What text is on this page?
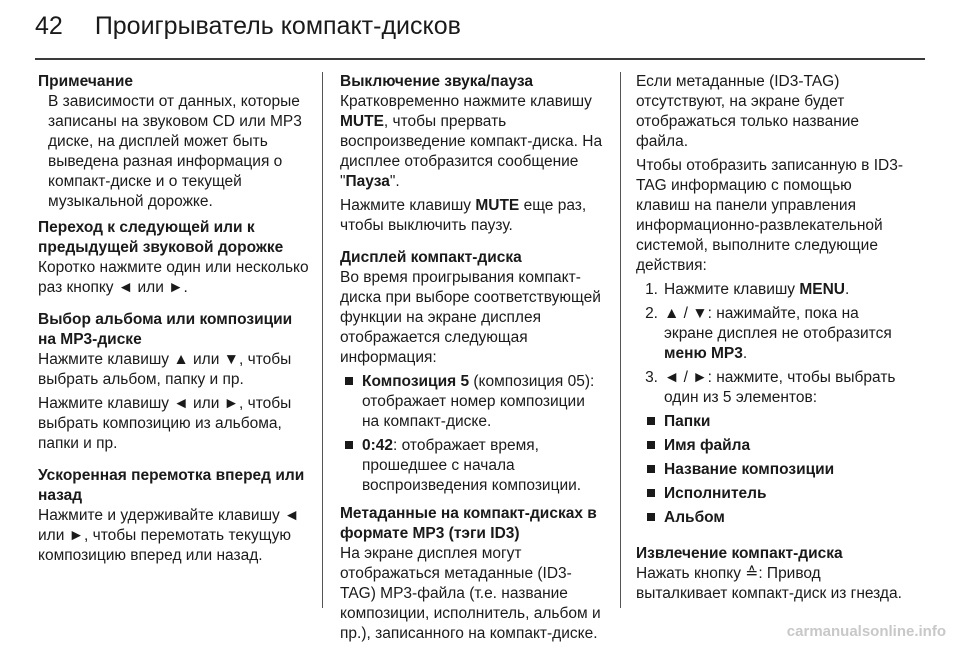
42 Проигрыватель компакт-дисков
Примечание
В зависимости от данных, которые записаны на звуковом CD или MP3 диске, на дисплей может быть выведена разная информация о компакт-диске и о текущей музыкальной дорожке.
Переход к следующей или к предыдущей звуковой дорожке
Коротко нажмите один или несколько раз кнопку ◄ или ►.
Выбор альбома или композиции на MP3-диске
Нажмите клавишу ▲ или ▼, чтобы выбрать альбом, папку и пр.
Нажмите клавишу ◄ или ►, чтобы выбрать композицию из альбома, папки и пр.
Ускоренная перемотка вперед или назад
Нажмите и удерживайте клавишу ◄ или ►, чтобы перемотать текущую композицию вперед или назад.
Выключение звука/пауза
Кратковременно нажмите клавишу MUTE, чтобы прервать воспроизведение компакт-диска. На дисплее отобразится сообщение "Пауза".
Нажмите клавишу MUTE еще раз, чтобы выключить паузу.
Дисплей компакт-диска
Во время проигрывания компакт-диска при выборе соответствующей функции на экране дисплея отображается следующая информация:
Композиция 5 (композиция 05): отображает номер композиции на компакт-диске.
0:42: отображает время, прошедшее с начала воспроизведения композиции.
Метаданные на компакт-дисках в формате MP3 (тэги ID3)
На экране дисплея могут отображаться метаданные (ID3-TAG) MP3-файла (т.е. название композиции, исполнитель, альбом и пр.), записанного на компакт-диске.
Если метаданные (ID3-TAG) отсутствуют, на экране будет отображаться только название файла.
Чтобы отобразить записанную в ID3-TAG информацию с помощью клавиш на панели управления информационно-развлекательной системой, выполните следующие действия:
1. Нажмите клавишу MENU.
2. ▲ / ▼: нажимайте, пока на экране дисплея не отобразится меню MP3.
3. ◄ / ►: нажмите, чтобы выбрать один из 5 элементов:
Папки
Имя файла
Название композиции
Исполнитель
Альбом
Извлечение компакт-диска
Нажать кнопку ≙: Привод выталкивает компакт-диск из гнезда.
carmanualsonline.info
